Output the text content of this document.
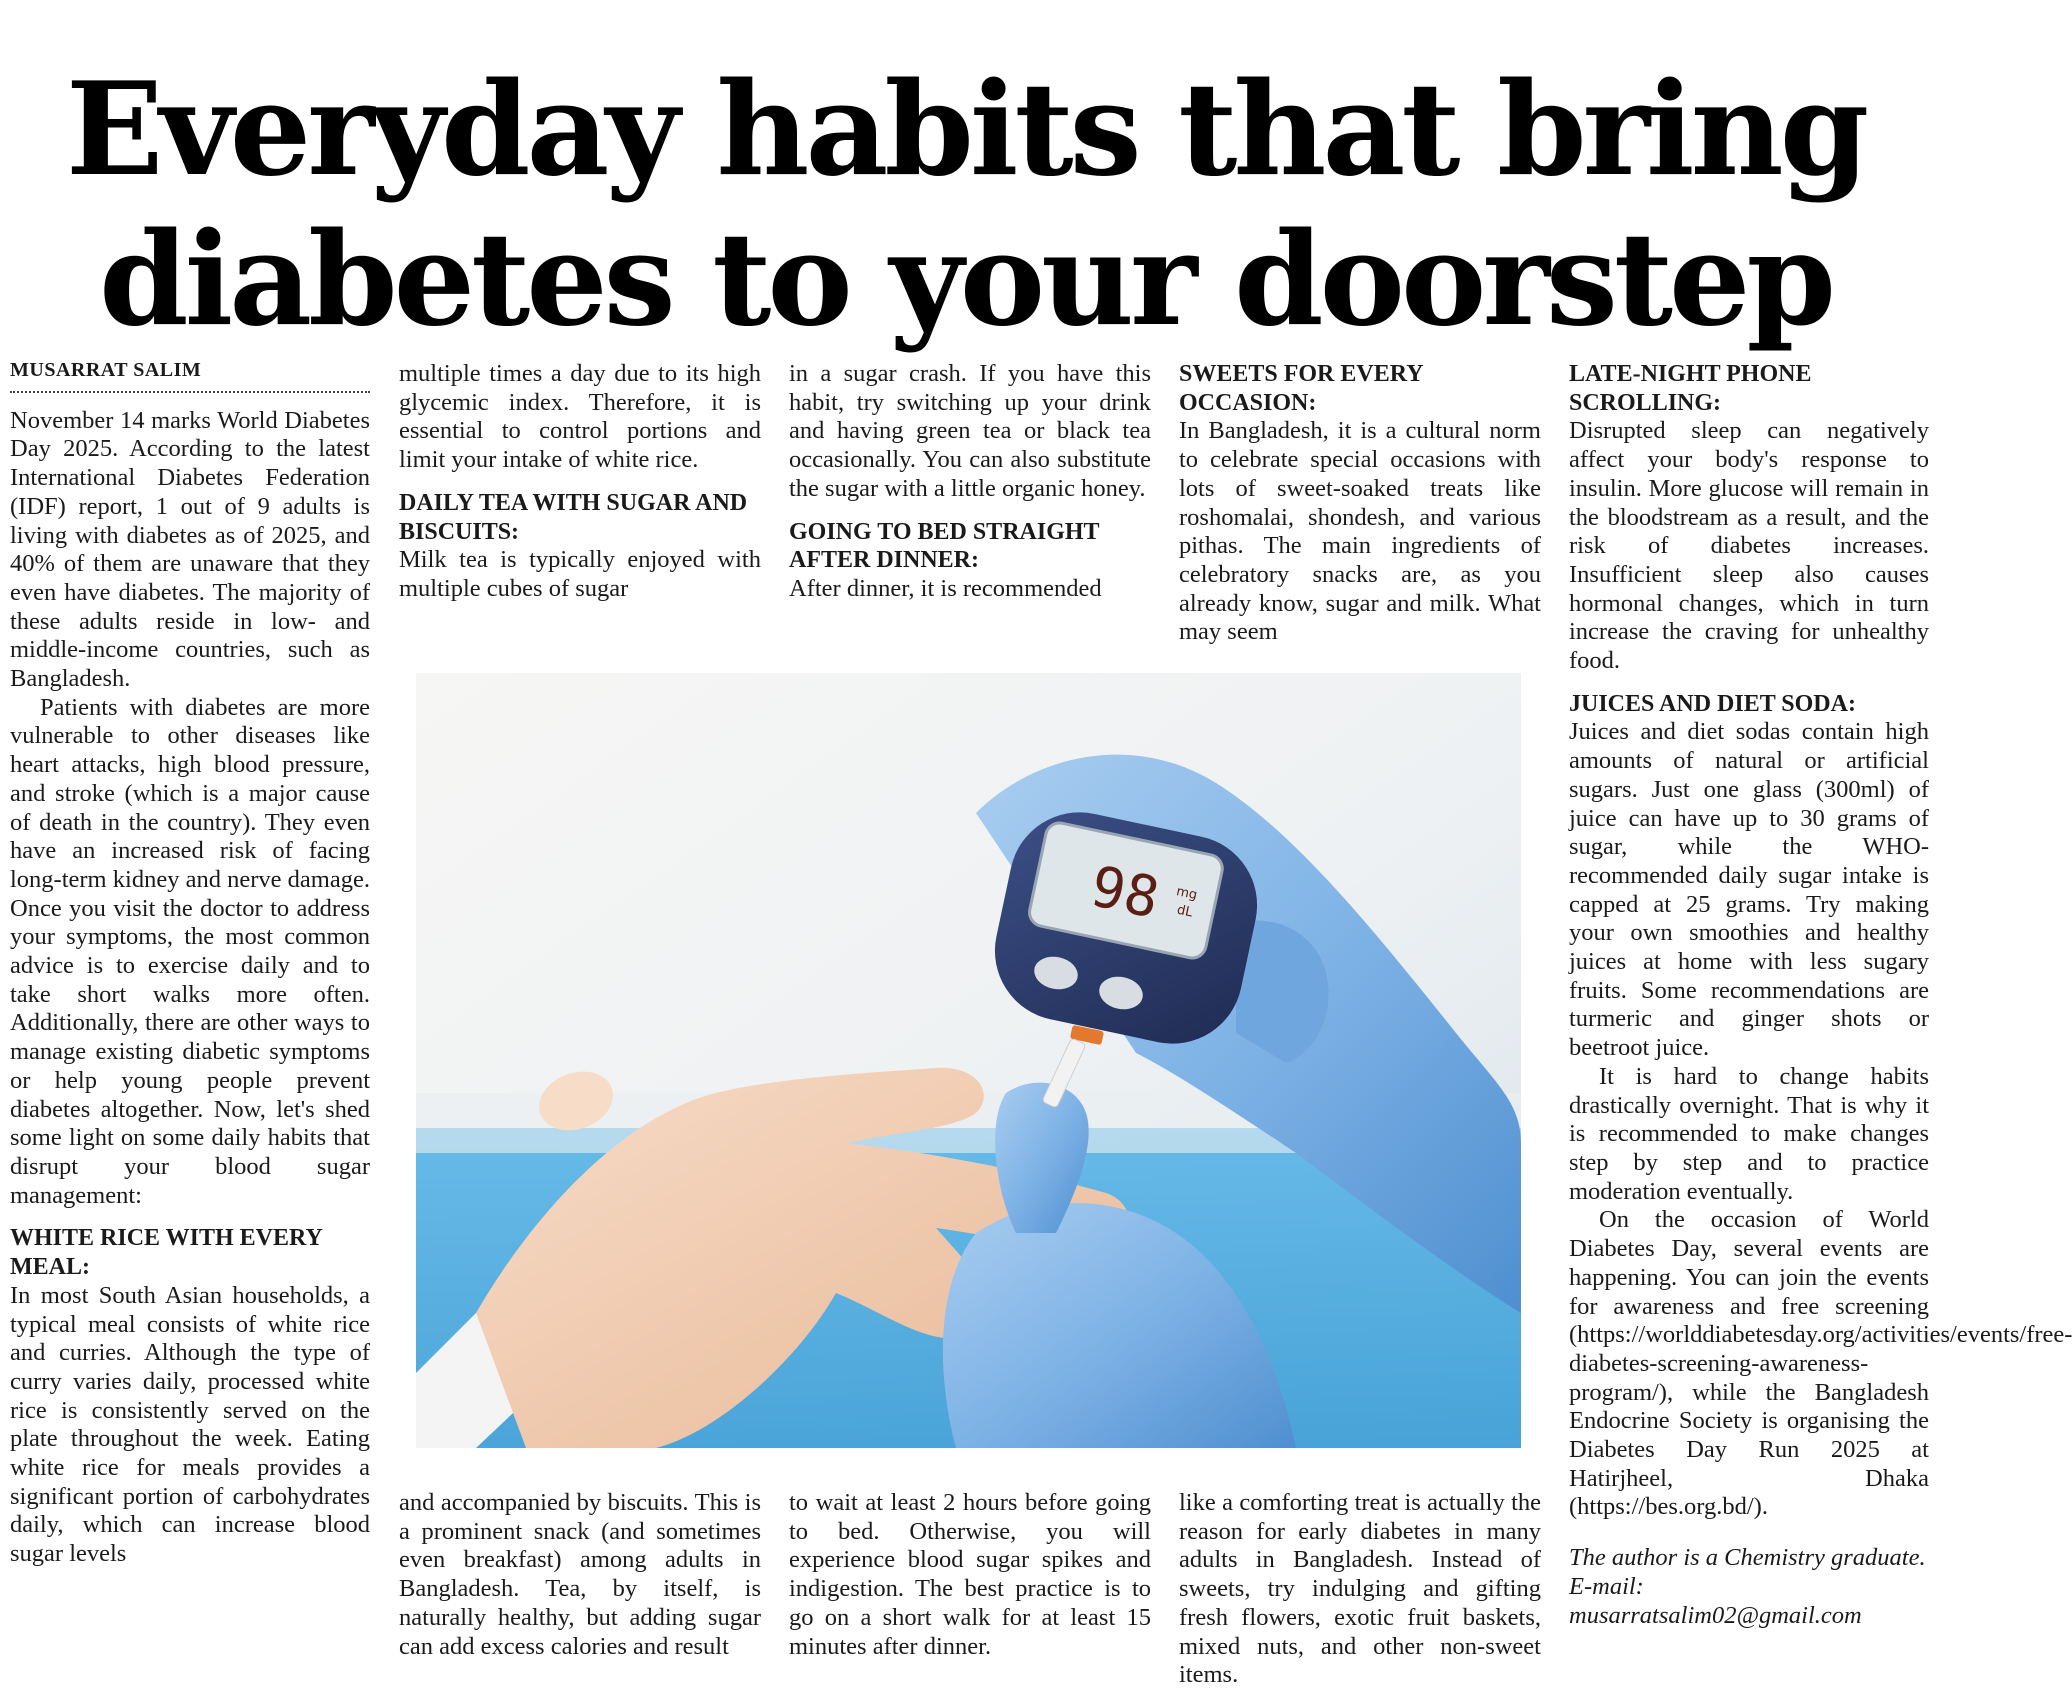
Everyday habits that bring
diabetes to your doorstep
MUSARRAT SALIM

November 14 marks World Diabetes Day 2025. According to the latest International Diabetes Federation (IDF) report, 1 out of 9 adults is living with diabetes as of 2025, and 40% of them are unaware that they even have diabetes. The majority of these adults reside in low- and middle-income countries, such as Bangladesh.

Patients with diabetes are more vulnerable to other diseases like heart attacks, high blood pressure, and stroke (which is a major cause of death in the country). They even have an increased risk of facing long-term kidney and nerve damage. Once you visit the doctor to address your symptoms, the most common advice is to exercise daily and to take short walks more often. Additionally, there are other ways to manage existing diabetic symptoms or help young people prevent diabetes altogether. Now, let's shed some light on some daily habits that disrupt your blood sugar management:

WHITE RICE WITH EVERY MEAL:

In most South Asian households, a typical meal consists of white rice and curries. Although the type of curry varies daily, processed white rice is consistently served on the plate throughout the week. Eating white rice for meals provides a significant portion of carbohydrates daily, which can increase blood sugar levels

multiple times a day due to its high glycemic index. Therefore, it is essential to control portions and limit your intake of white rice.

DAILY TEA WITH SUGAR AND BISCUITS:

Milk tea is typically enjoyed with multiple cubes of sugar

and accompanied by biscuits. This is a prominent snack (and sometimes even breakfast) among adults in Bangladesh. Tea, by itself, is naturally healthy, but adding sugar can add excess calories and result

in a sugar crash. If you have this habit, try switching up your drink and having green tea or black tea occasionally. You can also substitute the sugar with a little organic honey.

GOING TO BED STRAIGHT AFTER DINNER:

After dinner, it is recommended

to wait at least 2 hours before going to bed. Otherwise, you will experience blood sugar spikes and indigestion. The best practice is to go on a short walk for at least 15 minutes after dinner.

SWEETS FOR EVERY OCCASION:

In Bangladesh, it is a cultural norm to celebrate special occasions with lots of sweet-soaked treats like roshomalai, shondesh, and various pithas. The main ingredients of celebratory snacks are, as you already know, sugar and milk. What may seem

like a comforting treat is actually the reason for early diabetes in many adults in Bangladesh. Instead of sweets, try indulging and gifting fresh flowers, exotic fruit baskets, mixed nuts, and other non-sweet items.

LATE-NIGHT PHONE SCROLLING:

Disrupted sleep can negatively affect your body's response to insulin. More glucose will remain in the bloodstream as a result, and the risk of diabetes increases. Insufficient sleep also causes hormonal changes, which in turn increase the craving for unhealthy food.

JUICES AND DIET SODA:

Juices and diet sodas contain high amounts of natural or artificial sugars. Just one glass (300ml) of juice can have up to 30 grams of sugar, while the WHO-recommended daily sugar intake is capped at 25 grams. Try making your own smoothies and healthy juices at home with less sugary fruits. Some recommendations are turmeric and ginger shots or beetroot juice.

It is hard to change habits drastically overnight. That is why it is recommended to make changes step by step and to practice moderation eventually.

On the occasion of World Diabetes Day, several events are happening. You can join the events for awareness and free screening (https://worlddiabetesday.org/activities/events/free-diabetes-screening-awareness-program/), while the Bangladesh Endocrine Society is organising the Diabetes Day Run 2025 at Hatirjheel, Dhaka (https://bes.org.bd/).

The author is a Chemistry graduate. E-mail: musarratsalim02@gmail.com

98 mg
dL
